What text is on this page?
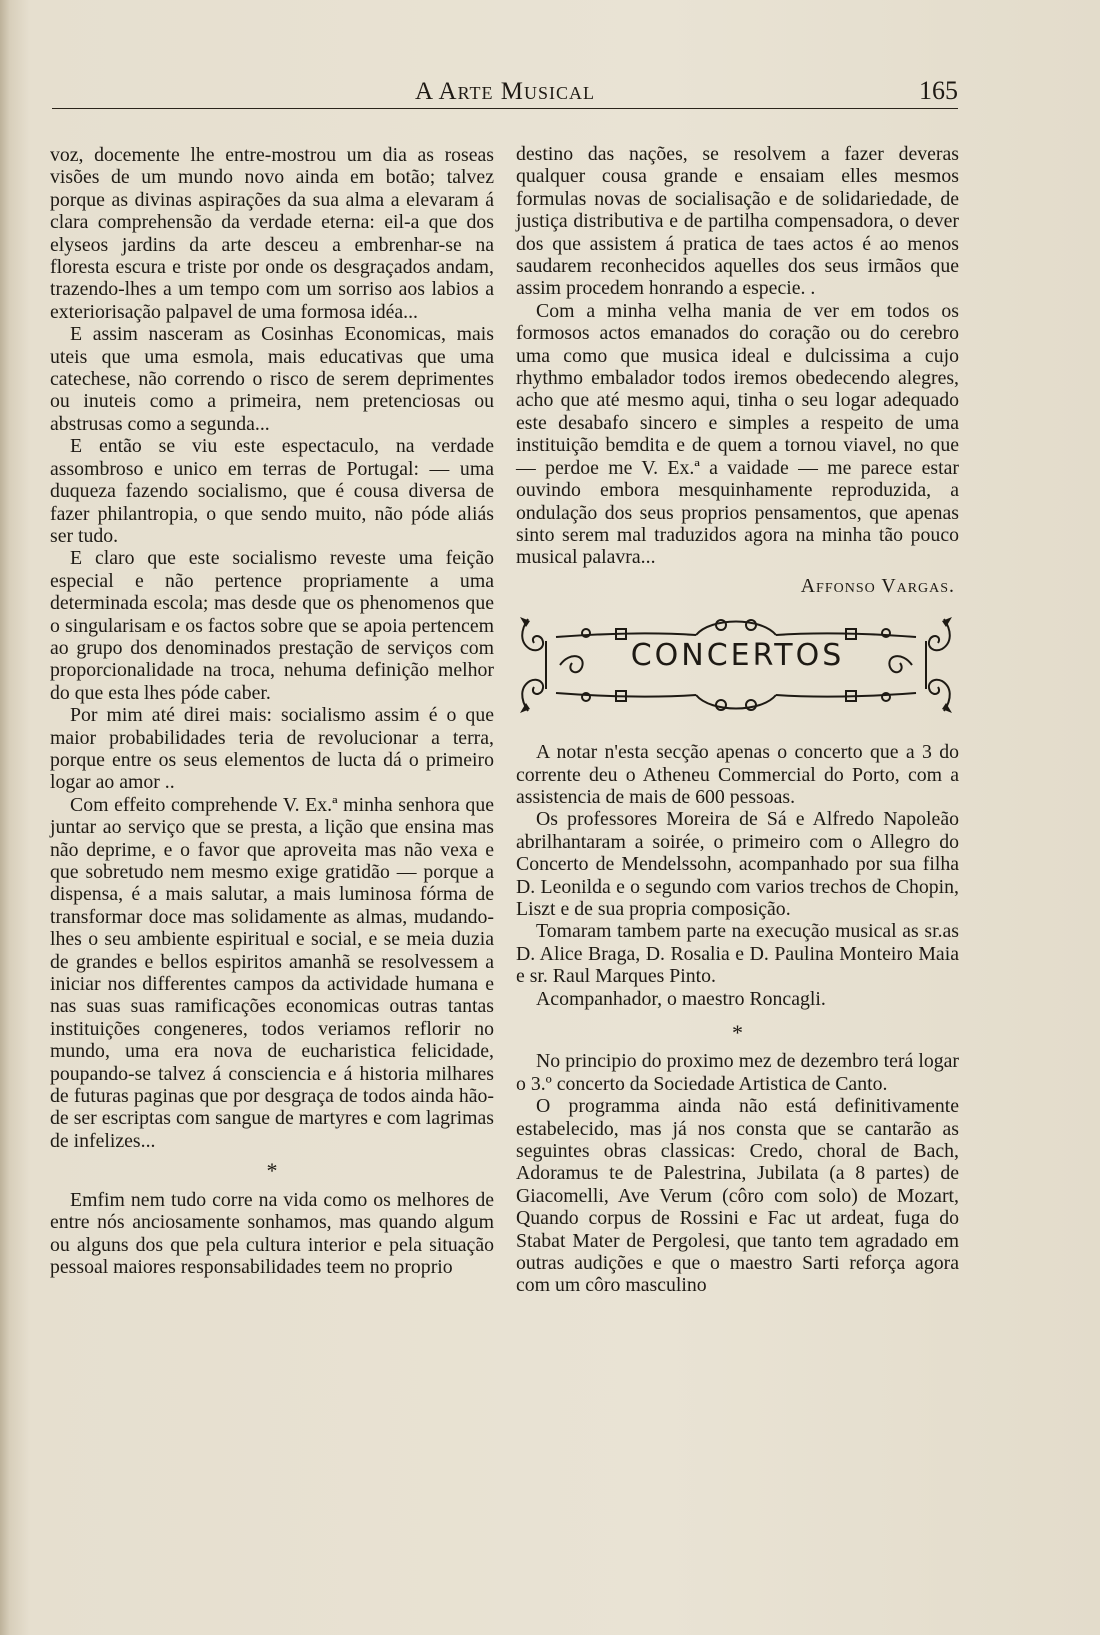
A Arte Musical	165

voz, docemente lhe entre-mostrou um dia as roseas visões de um mundo novo ainda em botão; talvez porque as divinas aspirações da sua alma a elevaram á clara comprehensão da verdade eterna: eil-a que dos elyseos jardins da arte desceu a embrenhar-se na floresta escura e triste por onde os desgraçados andam, trazendo-lhes a um tempo com um sorriso aos labios a exteriorisação palpavel de uma formosa idéa...

E assim nasceram as Cosinhas Economicas, mais uteis que uma esmola, mais educativas que uma catechese, não correndo o risco de serem deprimentes ou inuteis como a primeira, nem pretenciosas ou abstrusas como a segunda...

E então se viu este espectaculo, na verdade assombroso e unico em terras de Portugal: — uma duqueza fazendo socialismo, que é cousa diversa de fazer philantropia, o que sendo muito, não póde aliás ser tudo.

E claro que este socialismo reveste uma feição especial e não pertence propriamente a uma determinada escola; mas desde que os phenomenos que o singularisam e os factos sobre que se apoia pertencem ao grupo dos denominados prestação de serviços com proporcionalidade na troca, nehuma definição melhor do que esta lhes póde caber.

Por mim até direi mais: socialismo assim é o que maior probabilidades teria de revolucionar a terra, porque entre os seus elementos de lucta dá o primeiro logar ao amor ..

Com effeito comprehende V. Ex.ª minha senhora que juntar ao serviço que se presta, a lição que ensina mas não deprime, e o favor que aproveita mas não vexa e que sobretudo nem mesmo exige gratidão — porque a dispensa, é a mais salutar, a mais luminosa fórma de transformar doce mas solidamente as almas, mudando-lhes o seu ambiente espiritual e social, e se meia duzia de grandes e bellos espiritos amanhã se resolvessem a iniciar nos differentes campos da actividade humana e nas suas suas ramificações economicas outras tantas instituições congeneres, todos veriamos reflorir no mundo, uma era nova de eucharistica felicidade, poupando-se talvez á consciencia e á historia milhares de futuras paginas que por desgraça de todos ainda hão-de ser escriptas com sangue de martyres e com lagrimas de infelizes...

*

Emfim nem tudo corre na vida como os melhores de entre nós anciosamente sonhamos, mas quando algum ou alguns dos que pela cultura interior e pela situação pessoal maiores responsabilidades teem no proprio

destino das nações, se resolvem a fazer deveras qualquer cousa grande e ensaiam elles mesmos formulas novas de socialisação e de solidariedade, de justiça distributiva e de partilha compensadora, o dever dos que assistem á pratica de taes actos é ao menos saudarem reconhecidos aquelles dos seus irmãos que assim procedem honrando a especie. .

Com a minha velha mania de ver em todos os formosos actos emanados do coração ou do cerebro uma como que musica ideal e dulcissima a cujo rhythmo embalador todos iremos obedecendo alegres, acho que até mesmo aqui, tinha o seu logar adequado este desabafo sincero e simples a respeito de uma instituição bemdita e de quem a tornou viavel, no que — perdoe me V. Ex.ª a vaidade — me parece estar ouvindo embora mesquinhamente reproduzida, a ondulação dos seus proprios pensamentos, que apenas sinto serem mal traduzidos agora na minha tão pouco musical palavra...

Affonso Vargas.
CONCERTOS

A notar n'esta secção apenas o concerto que a 3 do corrente deu o Atheneu Commercial do Porto, com a assistencia de mais de 600 pessoas.

Os professores Moreira de Sá e Alfredo Napoleão abrilhantaram a soirée, o primeiro com o Allegro do Concerto de Mendelssohn, acompanhado por sua filha D. Leonilda e o segundo com varios trechos de Chopin, Liszt e de sua propria composição.

Tomaram tambem parte na execução musical as sr.as D. Alice Braga, D. Rosalia e D. Paulina Monteiro Maia e sr. Raul Marques Pinto.

Acompanhador, o maestro Roncagli.

*

No principio do proximo mez de dezembro terá logar o 3.º concerto da Sociedade Artistica de Canto.

O programma ainda não está definitivamente estabelecido, mas já nos consta que se cantarão as seguintes obras classicas: Credo, choral de Bach, Adoramus te de Palestrina, Jubilata (a 8 partes) de Giacomelli, Ave Verum (côro com solo) de Mozart, Quando corpus de Rossini e Fac ut ardeat, fuga do Stabat Mater de Pergolesi, que tanto tem agradado em outras audições e que o maestro Sarti reforça agora com um côro masculino
